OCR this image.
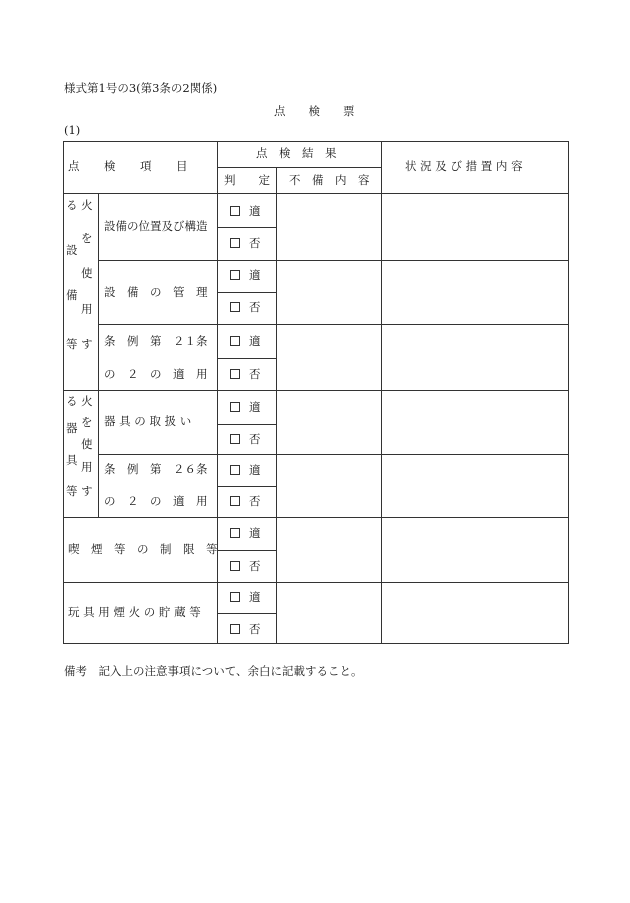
様式第1号の3(第3条の2関係)
点　　検　　票
(1)
点　　検　　項　　目
点　検　結　果
判　　定 不　備　内　容
状 況 及 び 措 置 内 容
る 火
を
設
使
備
用
等 す
る 火
を
器
使
具 用
等 す
設備の位置及び構造
設　備　の　管　理
条　例　第　２１条
の　２　の　適　用
器 具 の 取 扱 い
条　例　第　２６条
の　２　の　適　用
喫　煙　等　の　制　限　等
玩 具 用 煙 火 の 貯 蔵 等
適
否
適
否
適
否
適
否
適
否
適
否
適
否
備考　記入上の注意事項について、余白に記載すること。
